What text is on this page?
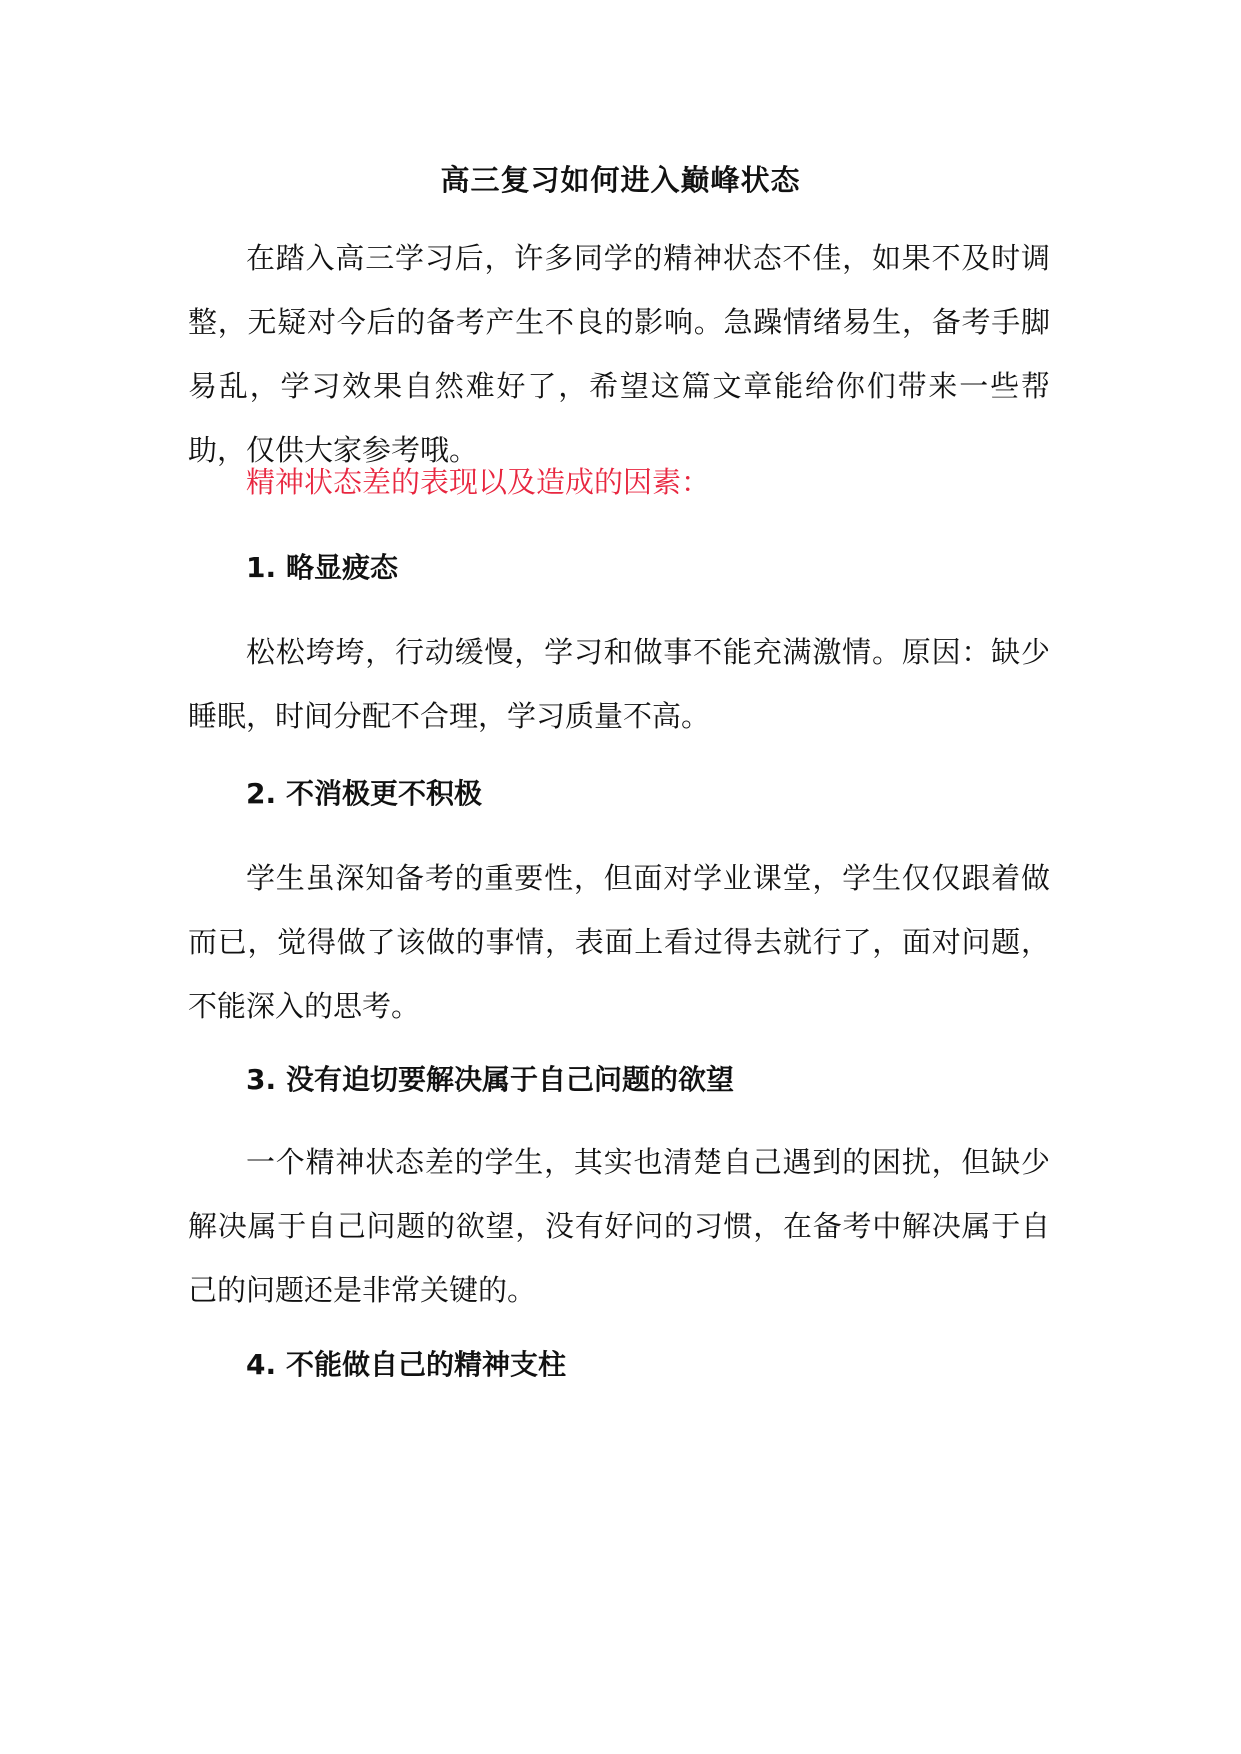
高三复习如何进入巅峰状态

在踏入高三学习后，许多同学的精神状态不佳，如果不及时调整，无疑对今后的备考产生不良的影响。急躁情绪易生，备考手脚易乱，学习效果自然难好了，希望这篇文章能给你们带来一些帮助，仅供大家参考哦。

精神状态差的表现以及造成的因素：

1. 略显疲态

松松垮垮，行动缓慢，学习和做事不能充满激情。原因：缺少睡眠，时间分配不合理，学习质量不高。

2. 不消极更不积极

学生虽深知备考的重要性，但面对学业课堂，学生仅仅跟着做而已，觉得做了该做的事情，表面上看过得去就行了，面对问题，不能深入的思考。

3. 没有迫切要解决属于自己问题的欲望

一个精神状态差的学生，其实也清楚自己遇到的困扰，但缺少解决属于自己问题的欲望，没有好问的习惯，在备考中解决属于自己的问题还是非常关键的。

4. 不能做自己的精神支柱
